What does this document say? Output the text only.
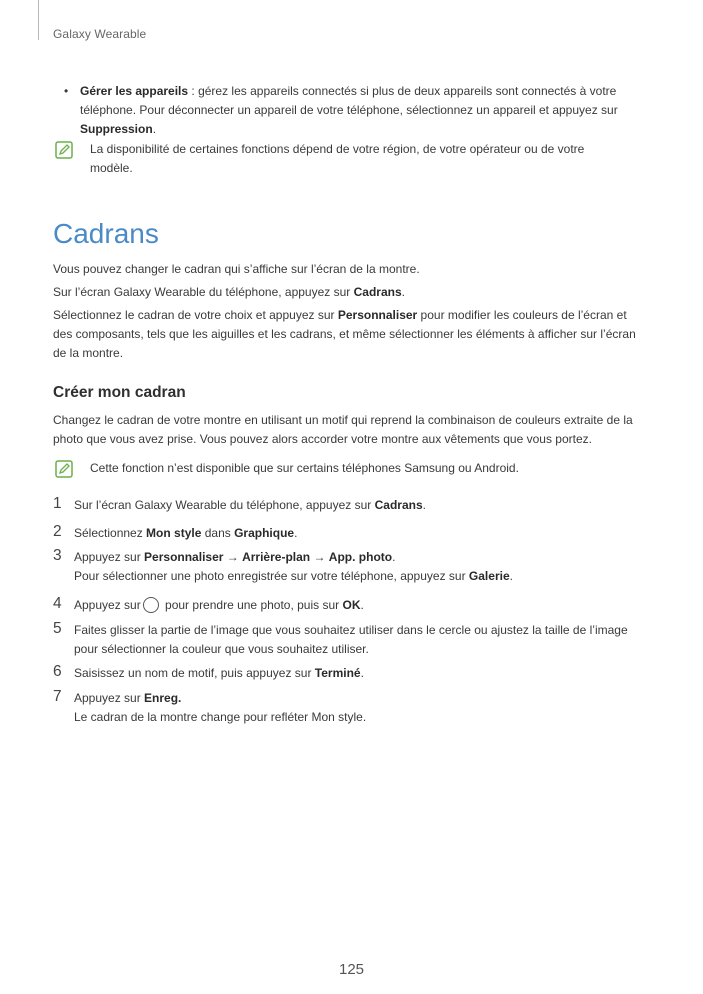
Galaxy Wearable
• Gérer les appareils : gérez les appareils connectés si plus de deux appareils sont connectés à votre téléphone. Pour déconnecter un appareil de votre téléphone, sélectionnez un appareil et appuyez sur Suppression.
La disponibilité de certaines fonctions dépend de votre région, de votre opérateur ou de votre modèle.
Cadrans
Vous pouvez changer le cadran qui s’affiche sur l’écran de la montre.
Sur l’écran Galaxy Wearable du téléphone, appuyez sur Cadrans.
Sélectionnez le cadran de votre choix et appuyez sur Personnaliser pour modifier les couleurs de l’écran et des composants, tels que les aiguilles et les cadrans, et même sélectionner les éléments à afficher sur l’écran de la montre.
Créer mon cadran
Changez le cadran de votre montre en utilisant un motif qui reprend la combinaison de couleurs extraite de la photo que vous avez prise. Vous pouvez alors accorder votre montre aux vêtements que vous portez.
Cette fonction n’est disponible que sur certains téléphones Samsung ou Android.
1 Sur l’écran Galaxy Wearable du téléphone, appuyez sur Cadrans.
2 Sélectionnez Mon style dans Graphique.
3 Appuyez sur Personnaliser → Arrière-plan → App. photo.
Pour sélectionner une photo enregistrée sur votre téléphone, appuyez sur Galerie.
4 Appuyez sur pour prendre une photo, puis sur OK.
5 Faites glisser la partie de l’image que vous souhaitez utiliser dans le cercle ou ajustez la taille de l’image pour sélectionner la couleur que vous souhaitez utiliser.
6 Saisissez un nom de motif, puis appuyez sur Terminé.
7 Appuyez sur Enreg.
Le cadran de la montre change pour refléter Mon style.
125
